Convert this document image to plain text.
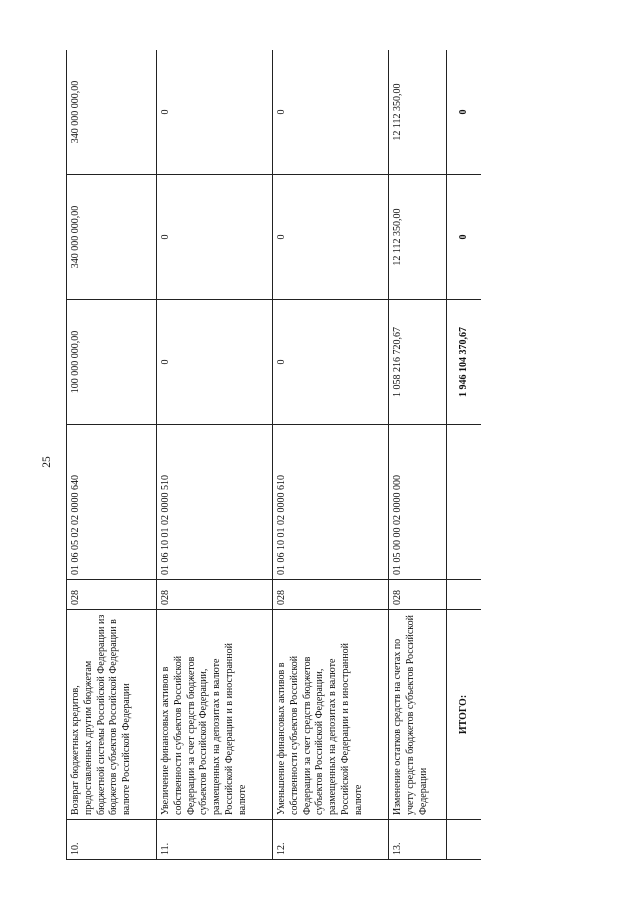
25
10.	Возврат бюджетных кредитов, предоставленных другим бюджетам бюджетной системы Российской Федерации из бюджетов субъектов Российской Федерации в валюте Российской Федерации	028	01 06 05 02 02 0000 640	100 000 000,00	340 000 000,00	340 000 000,00
11.	Увеличение финансовых активов в собственности субъектов Российской Федерации за счет средств бюджетов субъектов Российской Федерации, размещенных на депозитах в валюте Российской Федерации и в иностранной валюте	028	01 06 10 01 02 0000 510	0	0	0
12.	Уменьшение финансовых активов в собственности субъектов Российской Федерации за счет средств бюджетов субъектов Российской Федерации, размещенных на депозитах в валюте Российской Федерации и в иностранной валюте	028	01 06 10 01 02 0000 610	0	0	0
13.	Изменение остатков средств на счетах по учету средств бюджетов субъектов Российской Федерации	028	01 05 00 00 02 0000 000	1 058 216 720,67	12 112 350,00	12 112 350,00
	ИТОГО:			1 946 104 370,67	0	0
